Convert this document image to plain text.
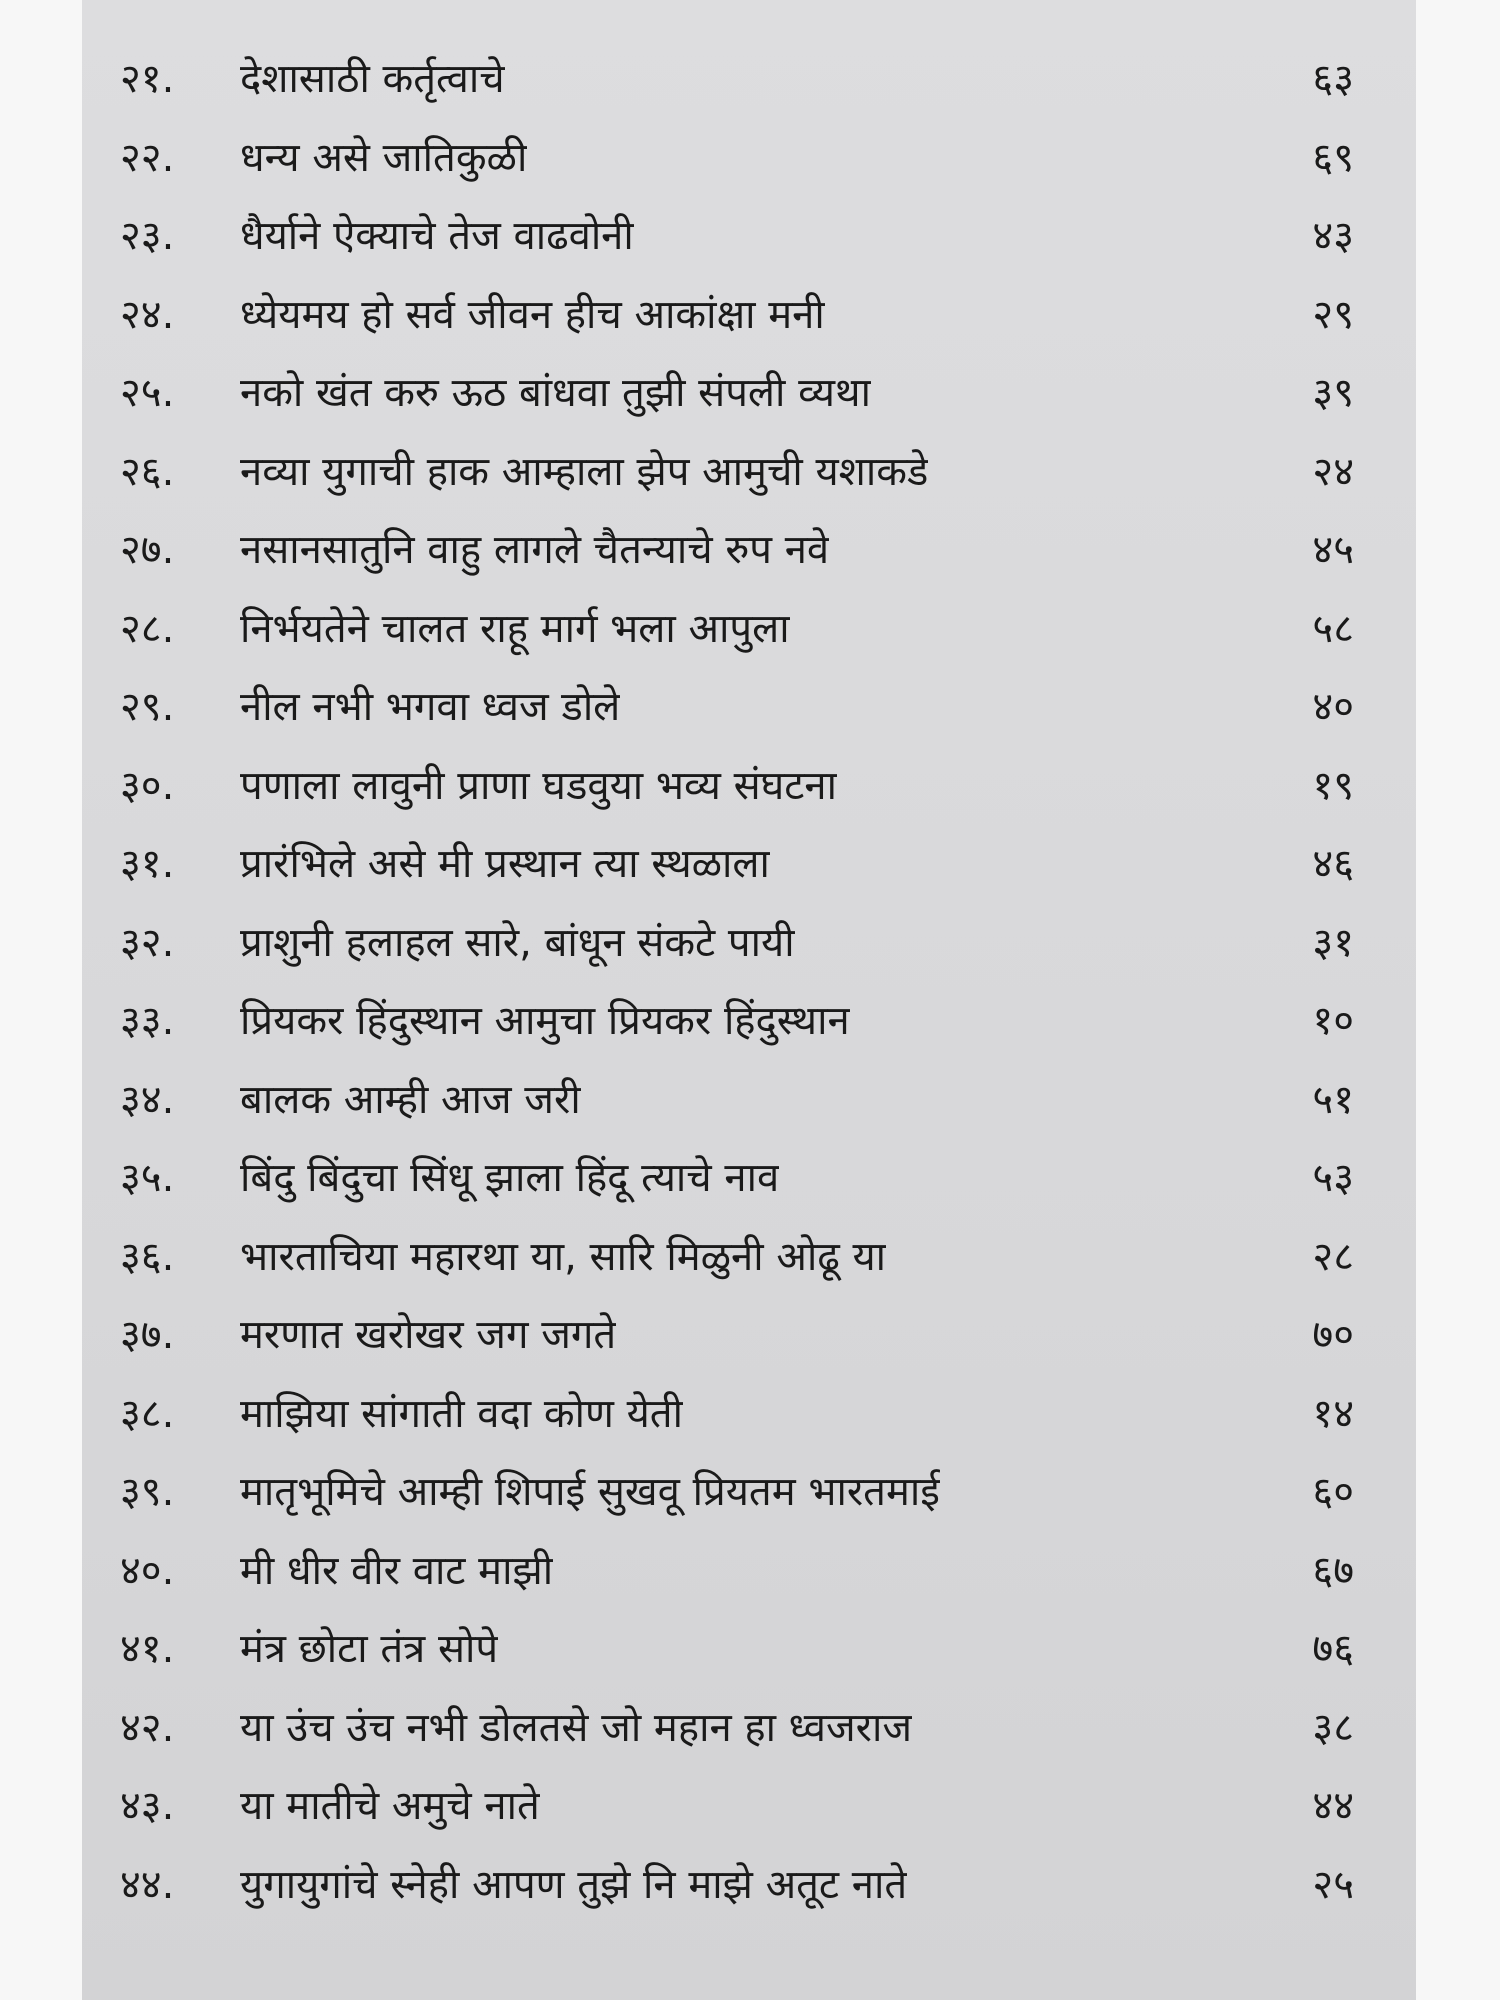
२१. देशासाठी कर्तृत्वाचे	६३
२२. धन्य असे जातिकुळी	६९
२३. धैर्याने ऐक्याचे तेज वाढवोनी	४३
२४. ध्येयमय हो सर्व जीवन हीच आकांक्षा मनी	२९
२५. नको खंत करु ऊठ बांधवा तुझी संपली व्यथा	३९
२६. नव्या युगाची हाक आम्हाला झेप आमुची यशाकडे	२४
२७. नसानसातुनि वाहु लागले चैतन्याचे रुप नवे	४५
२८. निर्भयतेने चालत राहू मार्ग भला आपुला	५८
२९. नील नभी भगवा ध्वज डोले	४०
३०. पणाला लावुनी प्राणा घडवुया भव्य संघटना	१९
३१. प्रारंभिले असे मी प्रस्थान त्या स्थळाला	४६
३२. प्राशुनी हलाहल सारे, बांधून संकटे पायी	३१
३३. प्रियकर हिंदुस्थान आमुचा प्रियकर हिंदुस्थान	१०
३४. बालक आम्ही आज जरी	५१
३५. बिंदु बिंदुचा सिंधू झाला हिंदू त्याचे नाव	५३
३६. भारताचिया महारथा या, सारि मिळुनी ओढू या	२८
३७. मरणात खरोखर जग जगते	७०
३८. माझिया सांगाती वदा कोण येती	१४
३९. मातृभूमिचे आम्ही शिपाई सुखवू प्रियतम भारतमाई	६०
४०. मी धीर वीर वाट माझी	६७
४१. मंत्र छोटा तंत्र सोपे	७६
४२. या उंच उंच नभी डोलतसे जो महान हा ध्वजराज	३८
४३. या मातीचे अमुचे नाते	४४
४४. युगायुगांचे स्नेही आपण तुझे नि माझे अतूट नाते	२५
